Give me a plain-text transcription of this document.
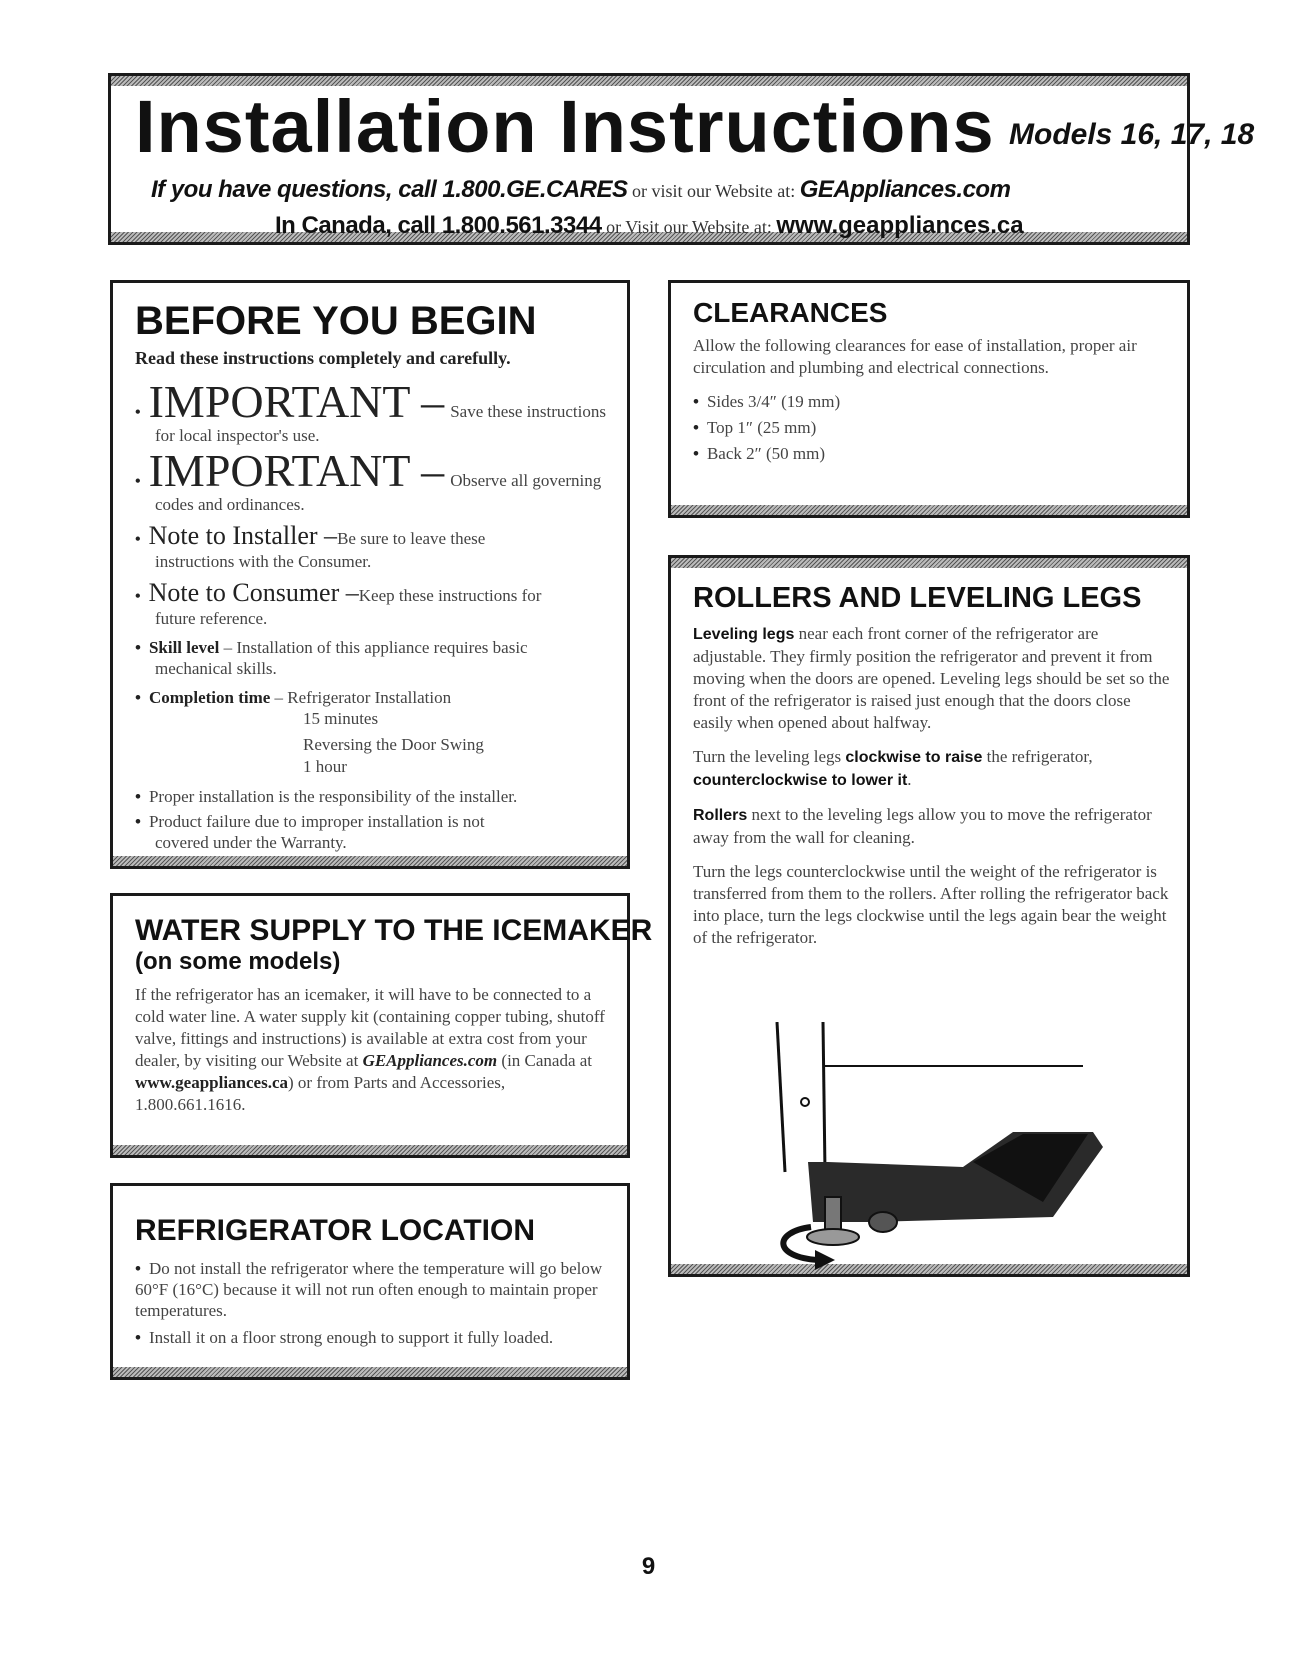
Installation Instructions Models 16, 17, 18
If you have questions, call 1.800.GE.CARES or visit our Website at: GEAppliances.com
In Canada, call 1.800.561.3344 or Visit our Website at: www.geappliances.ca
BEFORE YOU BEGIN
Read these instructions completely and carefully.
• IMPORTANT – Save these instructions
for local inspector's use.
• IMPORTANT – Observe all governing
codes and ordinances.
• Note to Installer – Be sure to leave these
instructions with the Consumer.
• Note to Consumer – Keep these instructions for
future reference.
• Skill level – Installation of this appliance requires basic
mechanical skills.
• Completion time – Refrigerator Installation
15 minutes
Reversing the Door Swing
1 hour
• Proper installation is the responsibility of the installer.
• Product failure due to improper installation is not
covered under the Warranty.
WATER SUPPLY TO THE ICEMAKER
(on some models)
If the refrigerator has an icemaker, it will have to be connected to a cold water line. A water supply kit (containing copper tubing, shutoff valve, fittings and instructions) is available at extra cost from your dealer, by visiting our Website at GEAppliances.com (in Canada at www.geappliances.ca) or from Parts and Accessories, 1.800.661.1616.
REFRIGERATOR LOCATION
• Do not install the refrigerator where the temperature will go below 60°F (16°C) because it will not run often enough to maintain proper temperatures.
• Install it on a floor strong enough to support it fully loaded.
CLEARANCES
Allow the following clearances for ease of installation, proper air circulation and plumbing and electrical connections.
• Sides 3/4″ (19 mm)
• Top 1″ (25 mm)
• Back 2″ (50 mm)
ROLLERS AND LEVELING LEGS

Leveling legs near each front corner of the refrigerator are adjustable. They firmly position the refrigerator and prevent it from moving when the doors are opened. Leveling legs should be set so the front of the refrigerator is raised just enough that the doors close easily when opened about halfway.

Turn the leveling legs clockwise to raise the refrigerator, counterclockwise to lower it.

Rollers next to the leveling legs allow you to move the refrigerator away from the wall for cleaning.

Turn the legs counterclockwise until the weight of the refrigerator is transferred from them to the rollers. After rolling the refrigerator back into place, turn the legs clockwise until the legs again bear the weight of the refrigerator.

9
